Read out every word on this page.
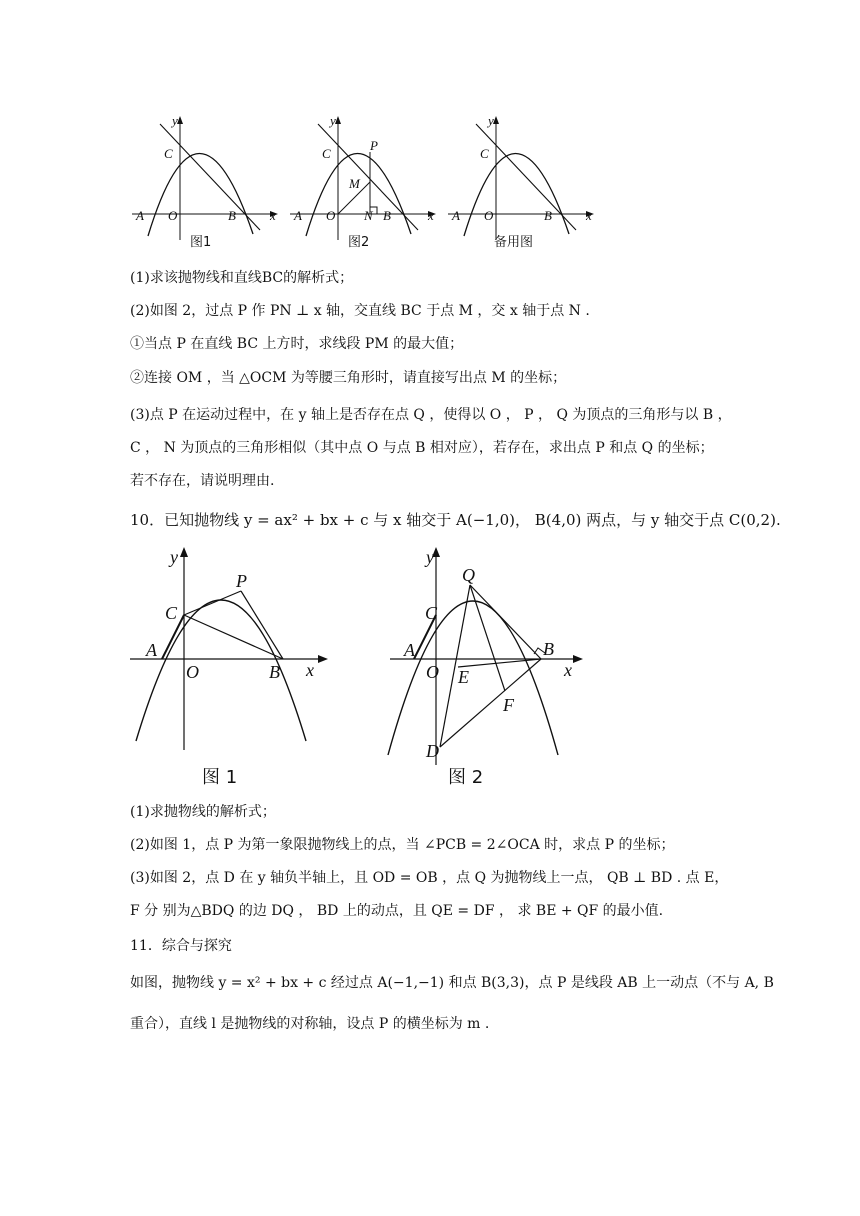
y
x
C
A O	B
图1
y
x
C
P
M
A O N B
图2
y
x
C
A O	B
备用图
(1)求该抛物线和直线BC的解析式；
(2)如图 2，过点 P 作 PN ⊥ x 轴，交直线 BC 于点 M ，交 x 轴于点 N .
①当点 P 在直线 BC 上方时，求线段 PM 的最大值；
②连接 OM ，当 △OCM 为等腰三角形时，请直接写出点 M 的坐标；
(3)点 P 在运动过程中，在 y 轴上是否存在点 Q ，使得以 O ， P ， Q 为顶点的三角形与以 B ，
C ， N 为顶点的三角形相似（其中点 O 与点 B 相对应），若存在，求出点 P 和点 Q 的坐标；
若不存在，请说明理由.
10．已知抛物线 y = ax² + bx + c 与 x 轴交于 A(−1,0)， B(4,0) 两点，与 y 轴交于点 C(0,2).
y
x
C
P
A
O	B
图 1
y
x
Q
C
A	B
O E
F
D
图 2
(1)求抛物线的解析式；
(2)如图 1，点 P 为第一象限抛物线上的点，当 ∠PCB = 2∠OCA 时，求点 P 的坐标；
(3)如图 2，点 D 在 y 轴负半轴上，且 OD = OB ，点 Q 为抛物线上一点， QB ⊥ BD . 点 E，
F 分 别为△BDQ 的边 DQ ， BD 上的动点，且 QE = DF ， 求 BE + QF 的最小值.
11．综合与探究
如图，抛物线 y = x² + bx + c 经过点 A(−1,−1) 和点 B(3,3)，点 P 是线段 AB 上一动点（不与 A, B
重合），直线 l 是抛物线的对称轴，设点 P 的横坐标为 m .
